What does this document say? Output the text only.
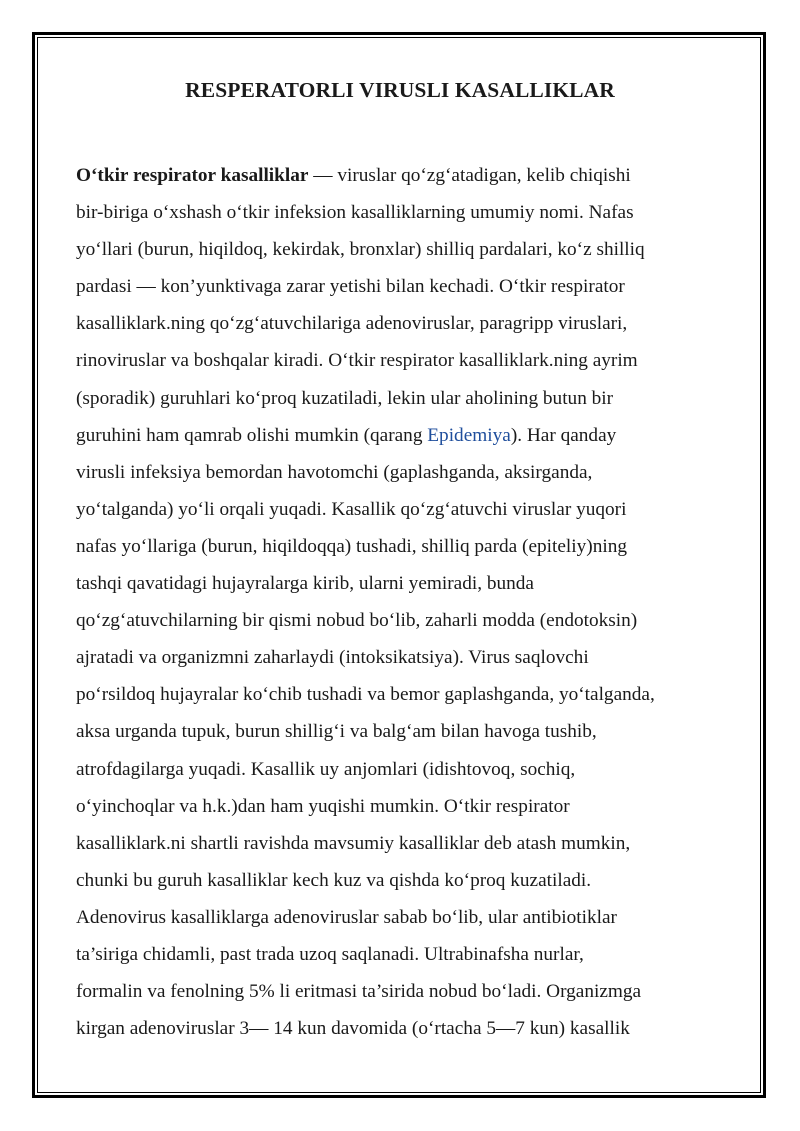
RESPERATORLI VIRUSLI KASALLIKLAR
O‘tkir respirator kasalliklar — viruslar qo‘zg‘atadigan, kelib chiqishi
bir-biriga o‘xshash o‘tkir infeksion kasalliklarning umumiy nomi. Nafas
yo‘llari (burun, hiqildoq, kekirdak, bronxlar) shilliq pardalari, ko‘z shilliq
pardasi — kon’yunktivaga zarar yetishi bilan kechadi. O‘tkir respirator
kasalliklark.ning qo‘zg‘atuvchilariga adenoviruslar, paragripp viruslari,
rinoviruslar va boshqalar kiradi. O‘tkir respirator kasalliklark.ning ayrim
(sporadik) guruhlari ko‘proq kuzatiladi, lekin ular aholining butun bir
guruhini ham qamrab olishi mumkin (qarang Epidemiya). Har qanday
virusli infeksiya bemordan havotomchi (gaplashganda, aksirganda,
yo‘talganda) yo‘li orqali yuqadi. Kasallik qo‘zg‘atuvchi viruslar yuqori
nafas yo‘llariga (burun, hiqildoqqa) tushadi, shilliq parda (epiteliy)ning
tashqi qavatidagi hujayralarga kirib, ularni yemiradi, bunda
qo‘zg‘atuvchilarning bir qismi nobud bo‘lib, zaharli modda (endotoksin)
ajratadi va organizmni zaharlaydi (intoksikatsiya). Virus saqlovchi
po‘rsildoq hujayralar ko‘chib tushadi va bemor gaplashganda, yo‘talganda,
aksa urganda tupuk, burun shillig‘i va balg‘am bilan havoga tushib,
atrofdagilarga yuqadi. Kasallik uy anjomlari (idishtovoq, sochiq,
o‘yinchoqlar va h.k.)dan ham yuqishi mumkin. O‘tkir respirator
kasalliklark.ni shartli ravishda mavsumiy kasalliklar deb atash mumkin,
chunki bu guruh kasalliklar kech kuz va qishda ko‘proq kuzatiladi.
Adenovirus kasalliklarga adenoviruslar sabab bo‘lib, ular antibiotiklar
ta’siriga chidamli, past trada uzoq saqlanadi. Ultrabinafsha nurlar,
formalin va fenolning 5% li eritmasi ta’sirida nobud bo‘ladi. Organizmga
kirgan adenoviruslar 3— 14 kun davomida (o‘rtacha 5—7 kun) kasallik
